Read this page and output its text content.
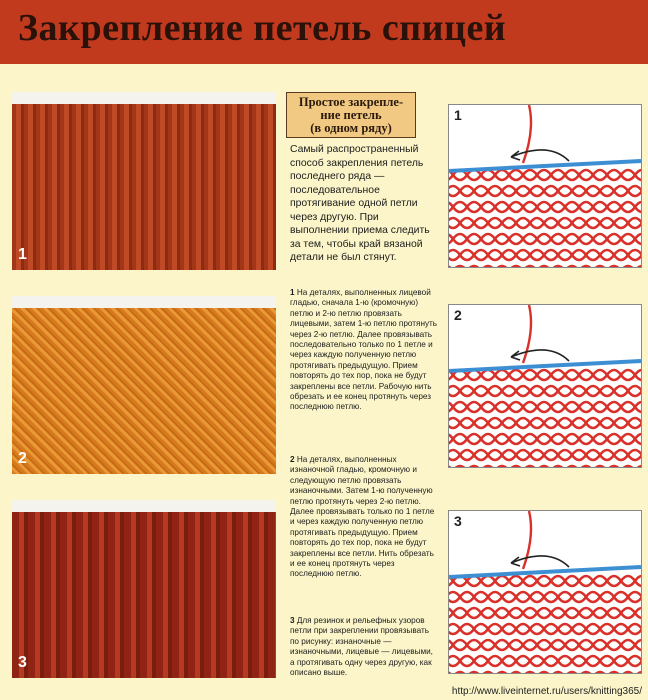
Закрепление петель спицей
1
2
3
Простое закрепле-
ние петель
(в одном ряду)
Самый распространенный способ закрепления петель последнего ряда — последовательное протягивание одной петли через другую. При выполнении приема следить за тем, чтобы край вязаной детали не был стянут.
1 На деталях, выполненных лицевой гладью, сначала 1-ю (кромочную) петлю и 2-ю петлю провязать лицевыми, затем 1-ю петлю протянуть через 2-ю петлю. Далее провязывать последовательно только по 1 петле и через каждую полученную петлю протягивать предыдущую. Прием повторять до тех пор, пока не будут закреплены все петли. Рабочую нить обрезать и ее конец протянуть через последнюю петлю.
2 На деталях, выполненных изнаночной гладью, кромочную и следующую петлю провязать изнаночными. Затем 1-ю полученную петлю протянуть через 2-ю петлю. Далее провязывать только по 1 петле и через каждую полученную петлю протягивать предыдущую. Прием повторять до тех пор, пока не будут закреплены все петли. Нить обрезать и ее конец протянуть через последнюю петлю.
3 Для резинок и рельефных узоров петли при закреплении провязывать по рисунку: изнаночные — изнаночными, лицевые — лицевыми, а протягивать одну через другую, как описано выше.
1
2
3
http://www.liveinternet.ru/users/knitting365/
